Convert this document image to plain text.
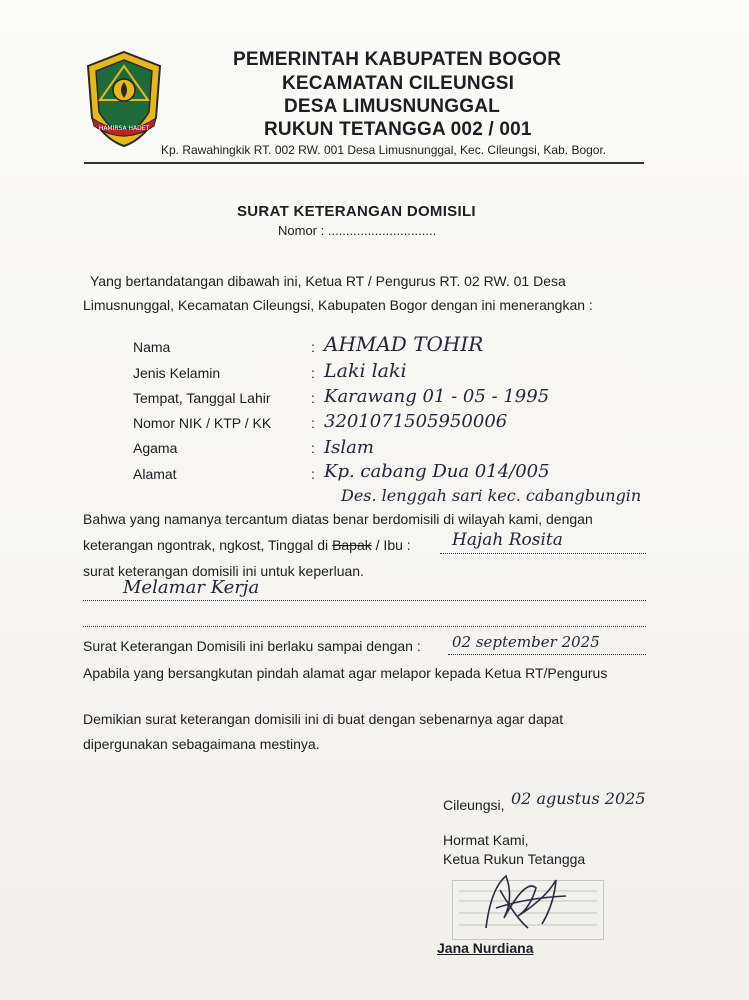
HAMIRSA HADET
PEMERINTAH KABUPATEN BOGOR
KECAMATAN CILEUNGSI
DESA LIMUSNUNGGAL
RUKUN TETANGGA 002 / 001
Kp. Rawahingkik RT. 002 RW. 001 Desa Limusnunggal, Kec. Cileungsi, Kab. Bogor.
SURAT KETERANGAN DOMISILI
Nomor : ..............................
Yang bertandatangan dibawah ini, Ketua RT / Pengurus RT. 02 RW. 01 Desa
Limusnunggal, Kecamatan Cileungsi, Kabupaten Bogor dengan ini menerangkan :
Nama	: AHMAD TOHIR
Jenis Kelamin	: Laki laki
Tempat, Tanggal Lahir	: Karawang 01 - 05 - 1995
Nomor NIK / KTP / KK	: 3201071505950006
Agama	: Islam
Alamat	: Kp. cabang Dua 014/005
Des. lenggah sari kec. cabangbungin
Bahwa yang namanya tercantum diatas benar berdomisili di wilayah kami, dengan
keterangan ngontrak, ngkost, Tinggal di Bapak / Ibu : Hajah Rosita
surat keterangan domisili ini untuk keperluan.
Melamar Kerja
Surat Keterangan Domisili ini berlaku sampai dengan : 02 september 2025
Apabila yang bersangkutan pindah alamat agar melapor kepada Ketua RT/Pengurus
Demikian surat keterangan domisili ini di buat dengan sebenarnya agar dapat
dipergunakan sebagaimana mestinya.
Cileungsi, 02 agustus 2025
Hormat Kami,
Ketua Rukun Tetangga
Jana Nurdiana
